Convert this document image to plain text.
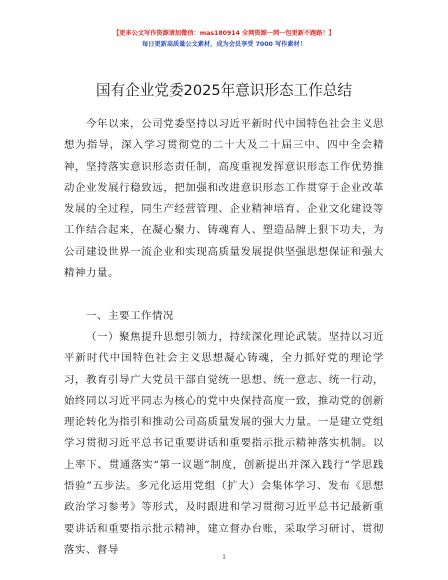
【更多公文写作资源请加微信：mas180914 全网资源一网一包更新不跑路！】
每日更新高质量公文素材，成为会员享受 7000 写作素材！
国有企业党委2025年意识形态工作总结

今年以来，公司党委坚持以习近平新时代中国特色社会主义思想为指导，深入学习贯彻党的二十大及二十届三中、四中全会精神，坚持落实意识形态责任制，高度重视发挥意识形态工作优势推动企业发展行稳致远，把加强和改进意识形态工作贯穿于企业改革发展的全过程，同生产经营管理、企业精神培育、企业文化建设等工作结合起来，在凝心聚力、铸魂育人、塑造品牌上狠下功夫，为公司建设世界一流企业和实现高质量发展提供坚强思想保证和强大精神力量。

一、主要工作情况

（一）聚焦提升思想引领力，持续深化理论武装。坚持以习近平新时代中国特色社会主义思想凝心铸魂，全力抓好党的理论学习，教育引导广大党员干部自觉统一思想、统一意志、统一行动，始终同以习近平同志为核心的党中央保持高度一致，推动党的创新理论转化为指引和推动公司高质量发展的强大力量。一是建立党组学习贯彻习近平总书记重要讲话和重要指示批示精神落实机制。以上率下、贯通落实“第一议题”制度，创新提出并深入践行“学思践悟验”五步法。多元化运用党组（扩大）会集体学习、发布《思想政治学习参考》等形式，及时跟进和学习贯彻习近平总书记最新重要讲话和重要指示批示精神，建立督办台账，采取学习研讨、贯彻落实、督导

1
